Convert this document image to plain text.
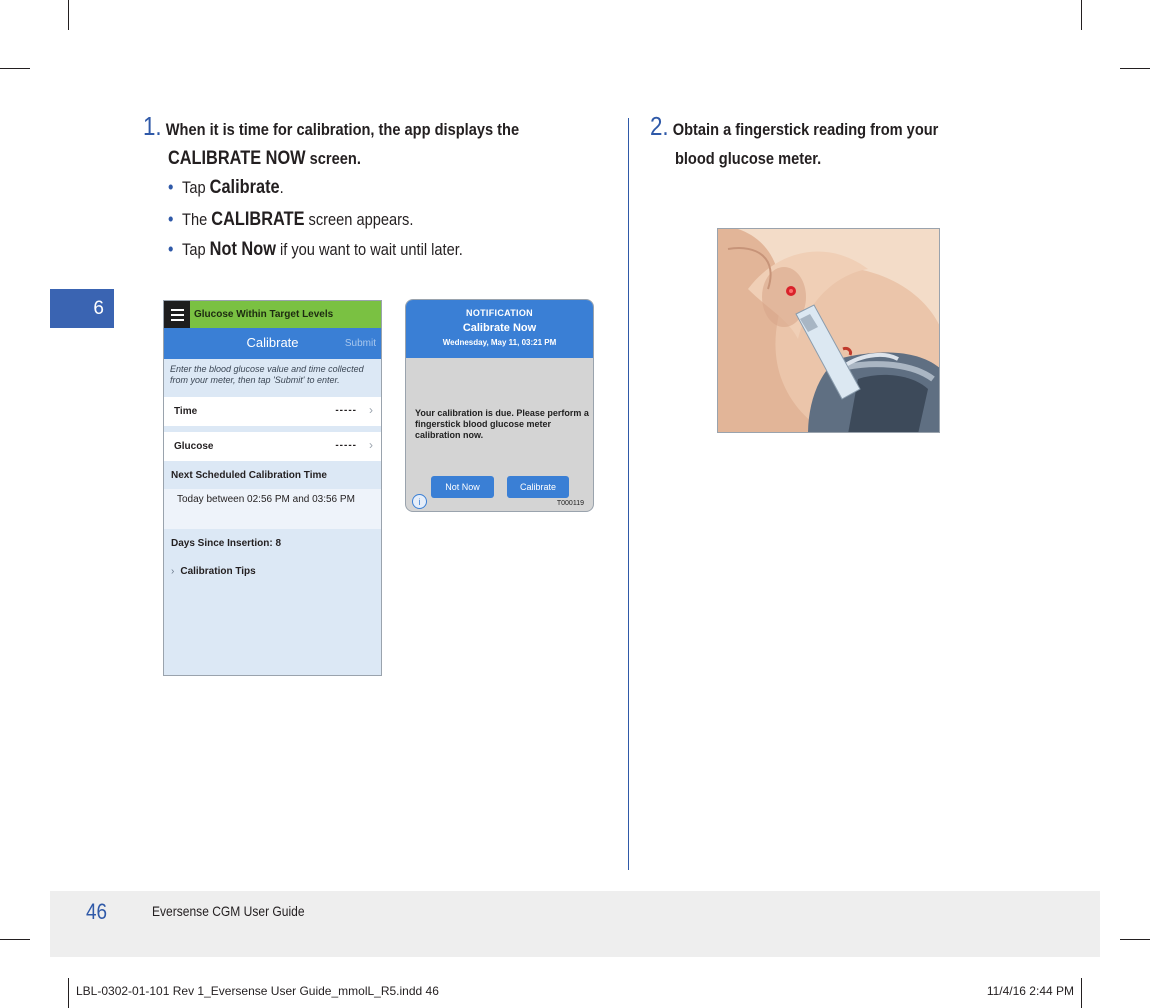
6
1. When it is time for calibration, the app displays the
CALIBRATE NOW screen.
• Tap Calibrate.
• The CALIBRATE screen appears.
• Tap Not Now if you want to wait until later.
2. Obtain a fingerstick reading from your
blood glucose meter.
Glucose Within Target Levels
Calibrate	Submit
Enter the blood glucose value and time collected from your meter, then tap 'Submit' to enter.
Time	----- ›
Glucose	----- ›
Next Scheduled Calibration Time
Today between 02:56 PM and 03:56 PM
Days Since Insertion: 8
› Calibration Tips
NOTIFICATION
Calibrate Now
Wednesday, May 11, 03:21 PM
Your calibration is due. Please perform a fingerstick blood glucose meter calibration now.
Not Now	Calibrate
i	T000119
46	Eversense CGM User Guide
LBL-0302-01-101 Rev 1_Eversense User Guide_mmolL_R5.indd 46	11/4/16 2:44 PM
